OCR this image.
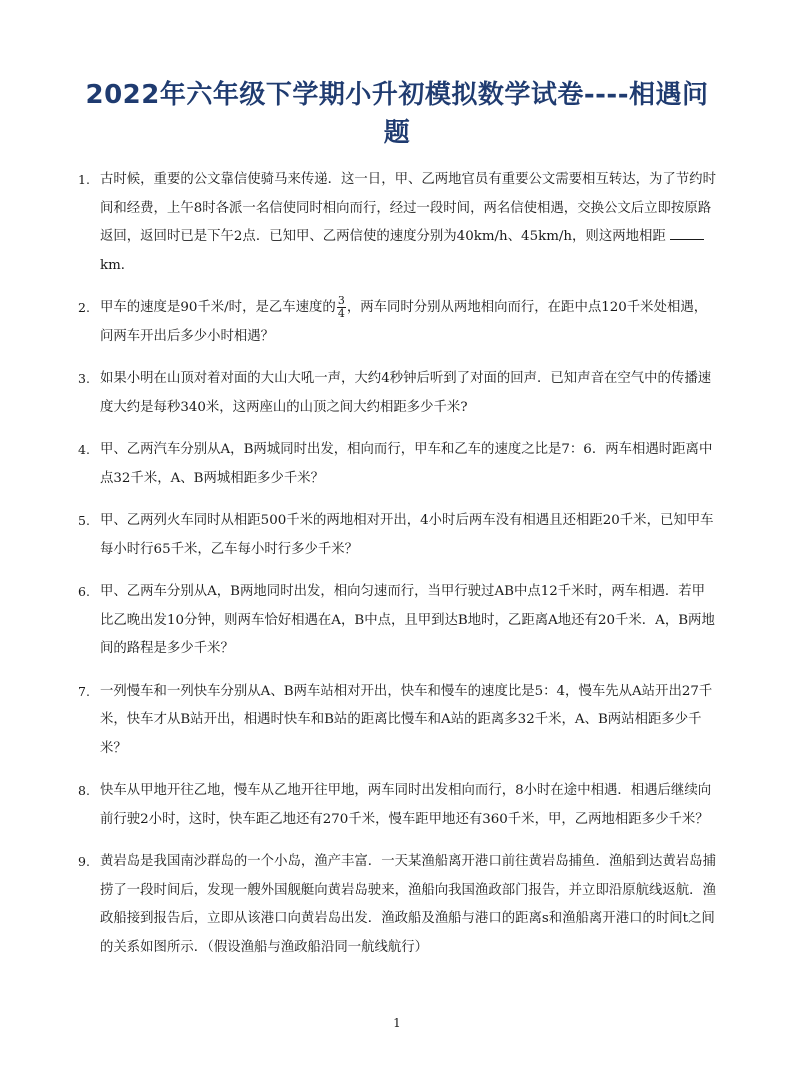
2022年六年级下学期小升初模拟数学试卷----相遇问题
1. 古时候，重要的公文靠信使骑马来传递．这一日，甲、乙两地官员有重要公文需要相互转达，为了节约时间和经费，上午8时各派一名信使同时相向而行，经过一段时间，两名信使相遇，交换公文后立即按原路返回，返回时已是下午2点．已知甲、乙两信使的速度分别为40km/h、45km/h，则这两地相距km．
2. 甲车的速度是90千米/时，是乙车速度的 $\frac{3}{4}$ ，两车同时分别从两地相向而行，在距中点120千米处相遇，问两车开出后多少小时相遇？
3. 如果小明在山顶对着对面的大山大吼一声，大约4秒钟后听到了对面的回声．已知声音在空气中的传播速度大约是每秒340米，这两座山的山顶之间大约相距多少千米?
4. 甲、乙两汽车分别从A，B两城同时出发，相向而行，甲车和乙车的速度之比是7：6．两车相遇时距离中点32千米，A、B两城相距多少千米？
5. 甲、乙两列火车同时从相距500千米的两地相对开出，4小时后两车没有相遇且还相距20千米，已知甲车每小时行65千米，乙车每小时行多少千米？
6. 甲、乙两车分别从A，B两地同时出发，相向匀速而行，当甲行驶过AB中点12千米时，两车相遇．若甲比乙晚出发10分钟，则两车恰好相遇在A，B中点，且甲到达B地时，乙距离A地还有20千米．A，B两地间的路程是多少千米？
7. 一列慢车和一列快车分别从A、B两车站相对开出，快车和慢车的速度比是5：4，慢车先从A站开出27千米，快车才从B站开出，相遇时快车和B站的距离比慢车和A站的距离多32千米，A、B两站相距多少千米？
8. 快车从甲地开往乙地，慢车从乙地开往甲地，两车同时出发相向而行，8小时在途中相遇．相遇后继续向前行驶2小时，这时，快车距乙地还有270千米，慢车距甲地还有360千米，甲，乙两地相距多少千米？
9. 黄岩岛是我国南沙群岛的一个小岛，渔产丰富．一天某渔船离开港口前往黄岩岛捕鱼．渔船到达黄岩岛捕捞了一段时间后，发现一艘外国舰艇向黄岩岛驶来，渔船向我国渔政部门报告，并立即沿原航线返航．渔政船接到报告后，立即从该港口向黄岩岛出发．渔政船及渔船与港口的距离s和渔船离开港口的时间t之间的关系如图所示．（假设渔船与渔政船沿同一航线航行）
1
